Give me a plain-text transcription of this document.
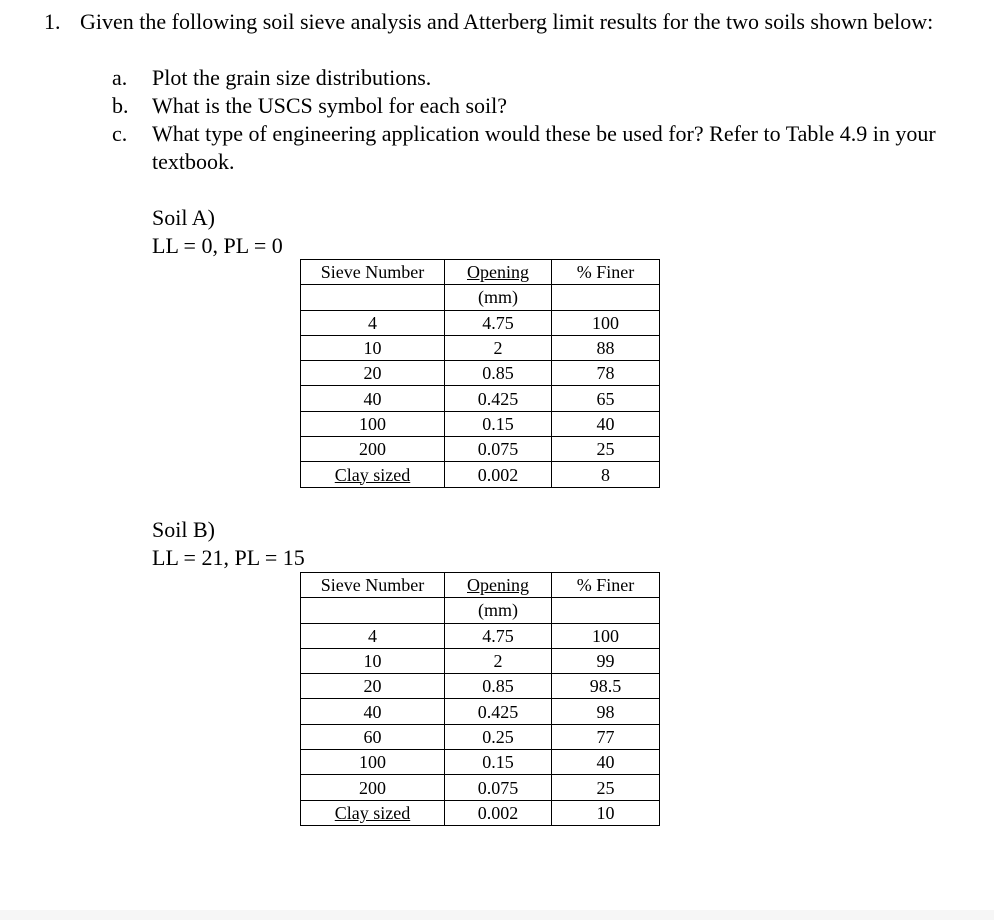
1. Given the following soil sieve analysis and Atterberg limit results for the two soils shown below:
a. Plot the grain size distributions.
b. What is the USCS symbol for each soil?
c. What type of engineering application would these be used for? Refer to Table 4.9 in your textbook.
Soil A)
LL = 0, PL = 0
Sieve Number	Opening	% Finer
	(mm)	
4	4.75	100
10	2	88
20	0.85	78
40	0.425	65
100	0.15	40
200	0.075	25
Clay sized	0.002	8
Soil B)
LL = 21, PL = 15
Sieve Number	Opening	% Finer
	(mm)	
4	4.75	100
10	2	99
20	0.85	98.5
40	0.425	98
60	0.25	77
100	0.15	40
200	0.075	25
Clay sized	0.002	10
